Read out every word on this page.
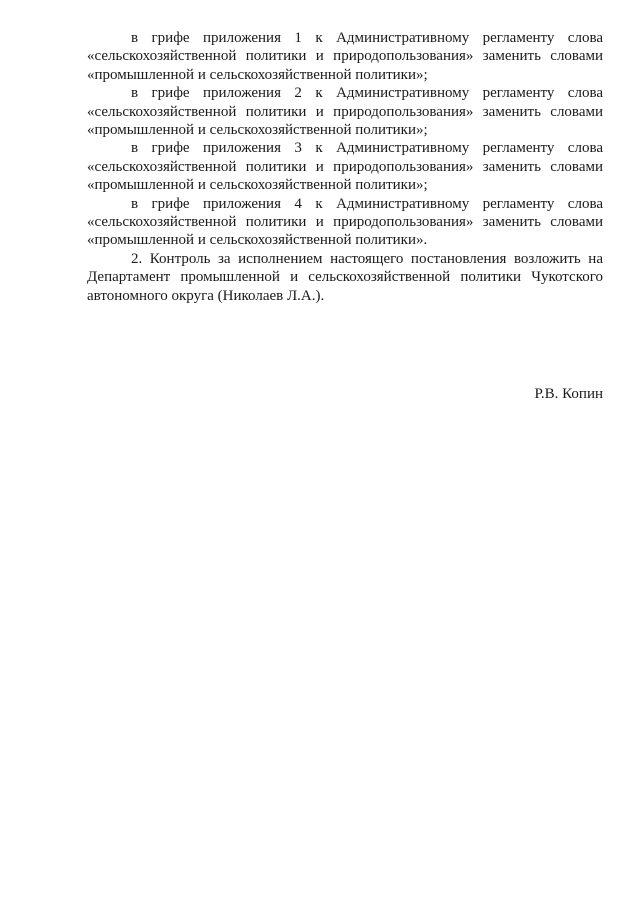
в грифе приложения 1 к Административному регламенту слова «сельскохозяйственной политики и природопользования» заменить словами «промышленной и сельскохозяйственной политики»;

в грифе приложения 2 к Административному регламенту слова «сельскохозяйственной политики и природопользования» заменить словами «промышленной и сельскохозяйственной политики»;

в грифе приложения 3 к Административному регламенту слова «сельскохозяйственной политики и природопользования» заменить словами «промышленной и сельскохозяйственной политики»;

в грифе приложения 4 к Административному регламенту слова «сельскохозяйственной политики и природопользования» заменить словами «промышленной и сельскохозяйственной политики».

2. Контроль за исполнением настоящего постановления возложить на Департамент промышленной и сельскохозяйственной политики Чукотского автономного округа (Николаев Л.А.).

Р.В. Копин
